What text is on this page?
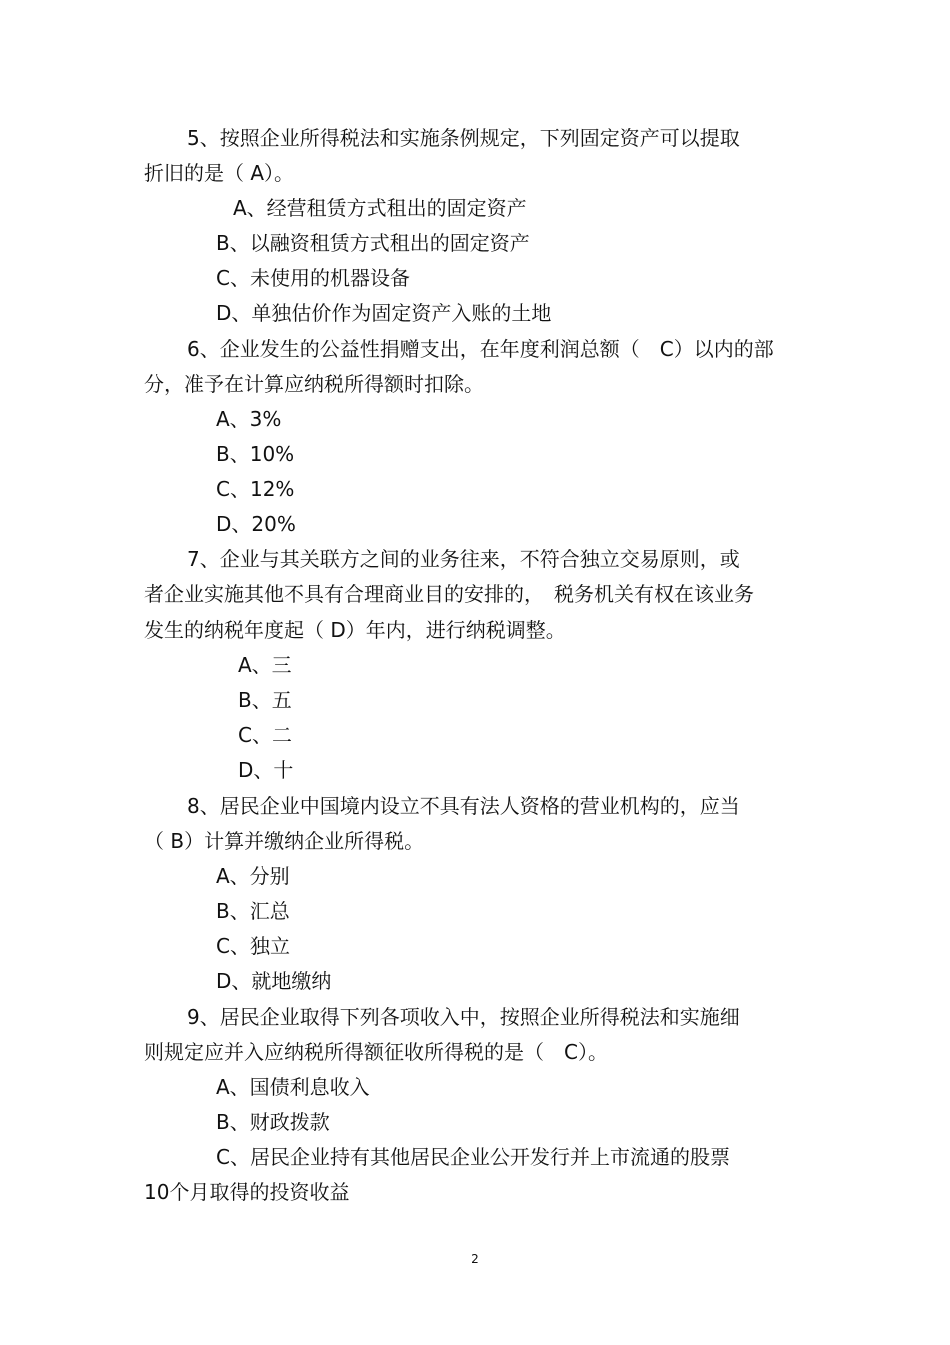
5、按照企业所得税法和实施条例规定，下列固定资产可以提取
折旧的是（ A）。
A、经营租赁方式租出的固定资产
B、以融资租赁方式租出的固定资产
C、未使用的机器设备
D、单独估价作为固定资产入账的土地
6、企业发生的公益性捐赠支出，在年度利润总额（　C）以内的部
分，准予在计算应纳税所得额时扣除。
A、3%
B、10%
C、12%
D、20%
7、企业与其关联方之间的业务往来，不符合独立交易原则，或
者企业实施其他不具有合理商业目的安排的，　税务机关有权在该业务
发生的纳税年度起（ D）年内，进行纳税调整。
A、三
B、五
C、二
D、十
8、居民企业中国境内设立不具有法人资格的营业机构的，应当
（ B）计算并缴纳企业所得税。
A、分别
B、汇总
C、独立
D、就地缴纳
9、居民企业取得下列各项收入中，按照企业所得税法和实施细
则规定应并入应纳税所得额征收所得税的是（　C）。
A、国债利息收入
B、财政拨款
C、居民企业持有其他居民企业公开发行并上市流通的股票
10个月取得的投资收益
2
